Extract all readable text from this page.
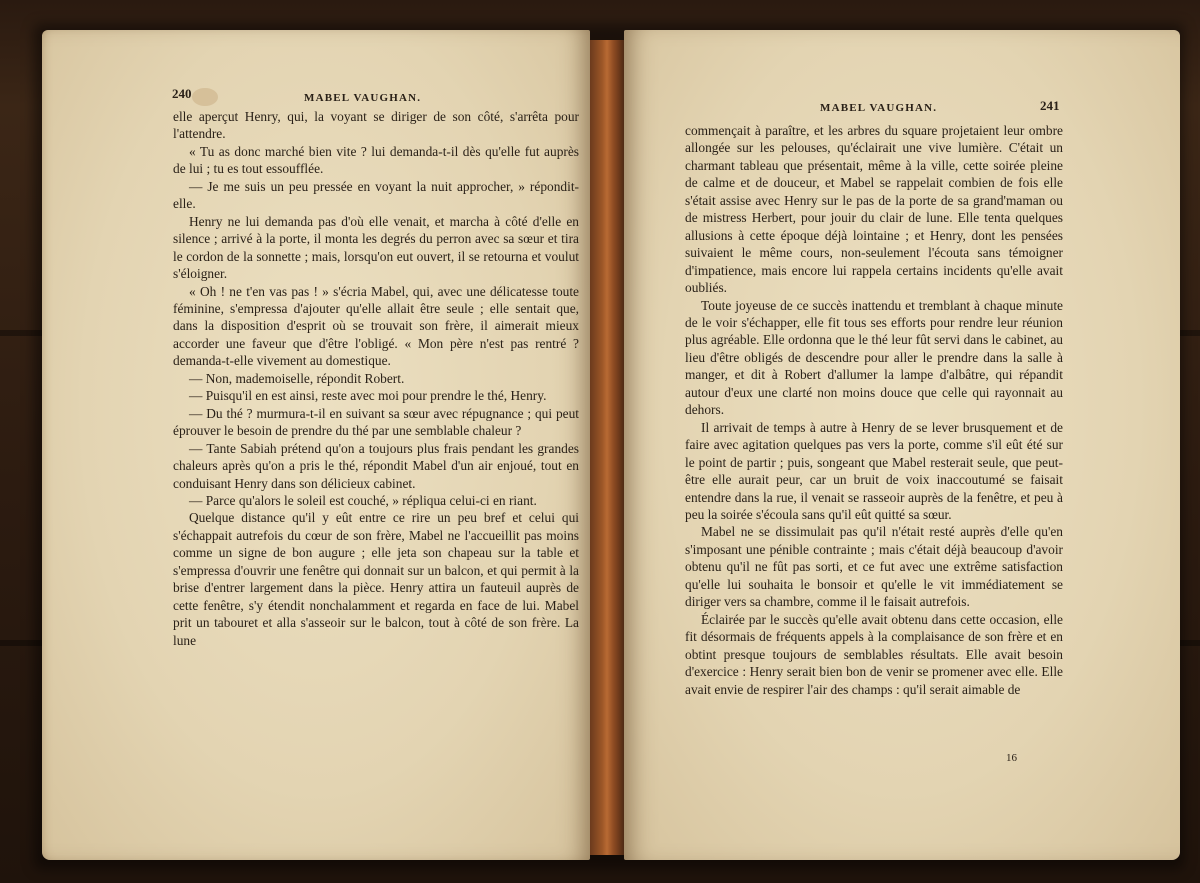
240	MABEL VAUGHAN.

elle aperçut Henry, qui, la voyant se diriger de son côté, s'arrêta pour l'attendre.

« Tu as donc marché bien vite ? lui demanda-t-il dès qu'elle fut auprès de lui ; tu es tout essoufflée.

— Je me suis un peu pressée en voyant la nuit approcher, » répondit-elle.

Henry ne lui demanda pas d'où elle venait, et marcha à côté d'elle en silence ; arrivé à la porte, il monta les degrés du perron avec sa sœur et tira le cordon de la sonnette ; mais, lorsqu'on eut ouvert, il se retourna et voulut s'éloigner.

« Oh ! ne t'en vas pas ! » s'écria Mabel, qui, avec une délicatesse toute féminine, s'empressa d'ajouter qu'elle allait être seule ; elle sentait que, dans la disposition d'esprit où se trouvait son frère, il aimerait mieux accorder une faveur que d'être l'obligé. « Mon père n'est pas rentré ? demanda-t-elle vivement au domestique.

— Non, mademoiselle, répondit Robert.

— Puisqu'il en est ainsi, reste avec moi pour prendre le thé, Henry.

— Du thé ? murmura-t-il en suivant sa sœur avec répugnance ; qui peut éprouver le besoin de prendre du thé par une semblable chaleur ?

— Tante Sabiah prétend qu'on a toujours plus frais pendant les grandes chaleurs après qu'on a pris le thé, répondit Mabel d'un air enjoué, tout en conduisant Henry dans son délicieux cabinet.

— Parce qu'alors le soleil est couché, » répliqua celui-ci en riant.

Quelque distance qu'il y eût entre ce rire un peu bref et celui qui s'échappait autrefois du cœur de son frère, Mabel ne l'accueillit pas moins comme un signe de bon augure ; elle jeta son chapeau sur la table et s'empressa d'ouvrir une fenêtre qui donnait sur un balcon, et qui permit à la brise d'entrer largement dans la pièce. Henry attira un fauteuil auprès de cette fenêtre, s'y étendit nonchalamment et regarda en face de lui. Mabel prit un tabouret et alla s'asseoir sur le balcon, tout à côté de son frère. La lune

MABEL VAUGHAN.	241

commençait à paraître, et les arbres du square projetaient leur ombre allongée sur les pelouses, qu'éclairait une vive lumière. C'était un charmant tableau que présentait, même à la ville, cette soirée pleine de calme et de douceur, et Mabel se rappelait combien de fois elle s'était assise avec Henry sur le pas de la porte de sa grand'maman ou de mistress Herbert, pour jouir du clair de lune. Elle tenta quelques allusions à cette époque déjà lointaine ; et Henry, dont les pensées suivaient le même cours, non-seulement l'écouta sans témoigner d'impatience, mais encore lui rappela certains incidents qu'elle avait oubliés.

Toute joyeuse de ce succès inattendu et tremblant à chaque minute de le voir s'échapper, elle fit tous ses efforts pour rendre leur réunion plus agréable. Elle ordonna que le thé leur fût servi dans le cabinet, au lieu d'être obligés de descendre pour aller le prendre dans la salle à manger, et dit à Robert d'allumer la lampe d'albâtre, qui répandit autour d'eux une clarté non moins douce que celle qui rayonnait au dehors.

Il arrivait de temps à autre à Henry de se lever brusquement et de faire avec agitation quelques pas vers la porte, comme s'il eût été sur le point de partir ; puis, songeant que Mabel resterait seule, que peut-être elle aurait peur, car un bruit de voix inaccoutumé se faisait entendre dans la rue, il venait se rasseoir auprès de la fenêtre, et peu à peu la soirée s'écoula sans qu'il eût quitté sa sœur.

Mabel ne se dissimulait pas qu'il n'était resté auprès d'elle qu'en s'imposant une pénible contrainte ; mais c'était déjà beaucoup d'avoir obtenu qu'il ne fût pas sorti, et ce fut avec une extrême satisfaction qu'elle lui souhaita le bonsoir et qu'elle le vit immédiatement se diriger vers sa chambre, comme il le faisait autrefois.

Éclairée par le succès qu'elle avait obtenu dans cette occasion, elle fit désormais de fréquents appels à la complaisance de son frère et en obtint presque toujours de semblables résultats. Elle avait besoin d'exercice : Henry serait bien bon de venir se promener avec elle. Elle avait envie de respirer l'air des champs : qu'il serait aimable de

16
